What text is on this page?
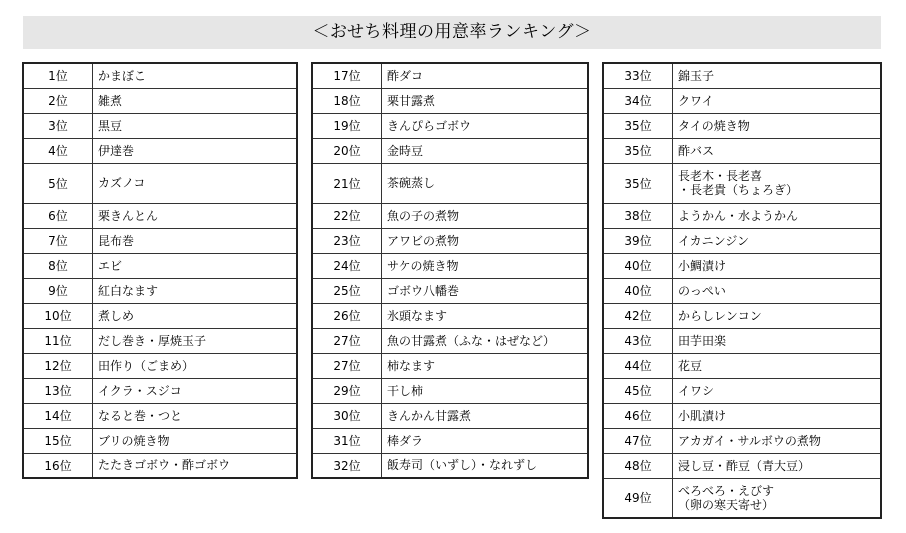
＜おせち料理の用意率ランキング＞
1位	かまぼこ
2位	雑煮
3位	黒豆
4位	伊達巻
5位	カズノコ
6位	栗きんとん
7位	昆布巻
8位	エビ
9位	紅白なます
10位	煮しめ
11位	だし巻き・厚焼玉子
12位	田作り（ごまめ）
13位	イクラ・スジコ
14位	なると巻・つと
15位	ブリの焼き物
16位	たたきゴボウ・酢ゴボウ
17位	酢ダコ
18位	栗甘露煮
19位	きんぴらゴボウ
20位	金時豆
21位	茶碗蒸し
22位	魚の子の煮物
23位	アワビの煮物
24位	サケの焼き物
25位	ゴボウ八幡巻
26位	氷頭なます
27位	魚の甘露煮（ふな・はぜなど）
27位	柿なます
29位	干し柿
30位	きんかん甘露煮
31位	棒ダラ
32位	飯寿司（いずし）・なれずし
33位	錦玉子
34位	クワイ
35位	タイの焼き物
35位	酢バス
35位	長老木・長老喜
・長老貴（ちょろぎ）

38位	ようかん・水ようかん
39位	イカニンジン
40位	小鯛漬け
40位	のっぺい
42位	からしレンコン
43位	田芋田楽
44位	花豆
45位	イワシ
46位	小肌漬け
47位	アカガイ・サルボウの煮物
48位	浸し豆・酢豆（青大豆）
49位	べろべろ・えびす
（卵の寒天寄せ）
